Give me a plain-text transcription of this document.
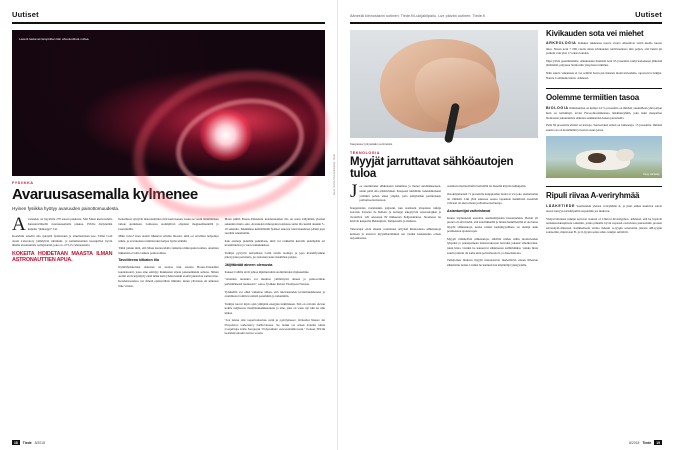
Uutiset
Laserit laskevat lämpötilan läin absoluuttista nollaa.
Kuva: NASA / Kuvankäsittely: Tiede
FYSIIKKA
Avaruusasemalla kylmenee
Hyinen fysiikka hyötyy avaruuden painottomuudesta.

Avaruuden on hyytävän 270 asteen pakkasta. Silti Maan kiertoradalla Kansainvälisellä avaruusasemalla pakkaa, ISS:lle ärsäytetään kuljettu "jääkaappi" Cal.

Koeteltiin toiseltä olla syksyllä fysiikoiden ja ainutlaatuisen koe. Tämä Cold Atom Laboratory jäähdyttää rubidium- ja kaliumatomien kaasupilvet hyvin lähelle absoluuttista nollapistettä, joka on -273,15 celsiusastetta.

KOKEITA HOIDETAAN MAASTA ILMAN ASTRONAUTTIEN APUA.

Kokeilussa syntyvät materiaalitilat eivät kestä kauan, koska se vaatii äärimmäisen tarkan ajoituksen. Laitteessa atomipilveä ohjataan magneettikentillä ja lasersäteillä.

Mikä vaivo? Kun atomit liikkuvat erittäin hitaasti, niitä on tavallista helpompi tutkia, ja avaruudessa tutkittavaksi kelpaa hyvin pitkään.

Tämä jotkun niitä, että Maan kiertoradalla vaikuttaa mikropainovoimaa. Atomien liikkeisiin ei näin vaikuta painovoimaa.

Tavoitteena kitkaton tila

Kylmäfysiikoiden tarkoitus on tuottaa niin sanottu Bosen–Einsteinin kondensaatti, jossa aine esiintyy hiukkasten sijaan pakenemiskin aaltona. Siihen atomit eivät käyttäydy enää ikään kuin yhden kaikki atomit jakaisivat saman tilan. Kondensaateissa voi ilmetä epätavallisia ilmiöitä, kuten ylivirtaus eli kitkaton liike virtaus.

Maan päällä Bosen–Einsteinin kondensaattien tila on saatu säilymään yleensä sekunnin murto-osia. Avaruuden mikropainovoimassa sama tila kestää ainakin 5–10 sekuntia. Tekniikkaa kehittämällä fysiikot uskovat tulevaisuudessa päästä jopa satoihin sekunteihin.

Kun atomeja pidetään paikallaan, niitä voi tarkkailla kerralla pidempään eri kvanttitiloissa ja vuorovaikutuksissa.

Tutkijat pystyvät testaamaan Calin avulla atomeja ja jopa kvanttifysiikan pätevyyden perusteita, jos testataan koko maailman pohjaa.

Jäljittäväät aineen olemusta

Kokeet Callilla eivät johtaa läpimurtoihin atomitiloiden mykseemme.

"Atomien tuotenna voi muuttaa ymmärrystä aineen ja painovoiman perimmäisestä luonteesta", sanoo fysiikko Robert Thompson Nasasta.

Työskelliä voi ehkä vaikuttaa siihen, että tulevaisuuden kvanttiteknikoneet ja atomiluotot toimivat entistä paremmin ja tarkemmin.

Tutkijat tuovat myös ajan ylimpiän energian tutkimiseen. Sitä on arvioitu olevan kolme neljäsosaa maailmankaikkeudesta ja aine, joka on vasta nyt niin ka niin kitkaa.

"Jos laissa olisi supertuokertaa veitä ja pyöritykseen, kiinteidet Nasan Jet Propulsion Laboratory Kalifornisssa. Se tietää voi antaa ilmiöitä tutkia muojehtuja Anita Sengupta Yhdysvaltain avaruushallinnosta." Kokeet ISS:llä kestävät ainakin kolme vuotta.

18	Tiede 8/2018
Äänestä kiinnostavin uutinen: Tiede.fi/Lukijakilpailu. Lue päivän uutinen: Tiede.fi	Uutiset
Kaupassa tyrkytetään perinteistä.
TEKNOLOGIA
Myyjät jarruttavat sähköautojen tuloa

Jos suurmittelet sähköauton hankintaa ja menet autoliikkeeseen, sinun pitää olla päättäväinen. Kaupaasi tuimittäin todennäköisesti yrittäköt pohan sinua ympäri, jotta päätyisitkin perinteiseen polttomoottoriautoon.

Kauppiaiden vastahankia paljastui, kun Aarhusin yliopiston tutkija Gerardo Zarazua de Rubens ja kollegat tekeytyivät autonostajiksi ja vierailivat 126 ottessaan 82 liikkeessä Pohjoismaissa. Suomessa he kävivät kaupoilla Helsingissä, Tampereella ja Oulussa.

Valeostajat eivät alkuun osoittaneet erityistä kiinnostusta sähköautoja kohtaan ja antoivat myyntiherättäkun ner vieiksi keskustelua otteen tarjoamaansa.

ostamaan moitauvinttin berinöillä tai diesellä käyvän kulkupelin.

Ostokäyntiseistä 71 prosenttia kauppiaiden tiedot ei vai joko olemattomia tai vähäisiä. Liki yhtä suuressa osassa tapauksia henkilöstö suositteli vahvasti tai akovomaan polttomoottoriautoja.

Asiantuntijat vaihvistavat

Kuusa täydennesiä autoalan asiantuntijoiden haastatteluun. Heistä yli puolet oli sitä mieltä, että autoliikkeillä ja niiden henkilöstöllä ei ole halua myydä sähköautoja, koska niiden keskimyyntikate on alempi kuin perinteisten ajoneuvojen.

Myyjät vähättelivät sähköautoja, sähtivät niiden säilin ulottuvuuden lyhyeksi ja pauanpaineen latausverkoston harvaksi jakanut viheikovaksi, jokin hitaa. Lisäksi he kaunoivat sähköauton kalliimmiksi, vaikka hinta suurin piirtein oli sama kuin polttomoottori- ja dieselautossa.

Tutkijoiden mukaan myyjät muodostavat merkittävän esteen ilmaston sähköistön tiensä. Lisäksi he kannustavat käytäntöjä yleisyydelle.

Kivikauden sota vei miehet

ARKEOLOGIA Kalkkea sukkeessa nuorta vuotta aiheuttivat sotiin kuolle nuoret mies. Nasan noin 7 000 vuotta sitten kivikauden toimivaudessa niin paljon, että heistä pii paikoin vain yksi 17 naista kohden.

Jäljet jäivät geenimiemme. Aikakauden miehistä noin 95 prosenttia tokiji kadonneen jälkeisiä jättämättä, paljastaa Stanfordin yliopiston tutkimus.

Näin suurta vaikutusta ei voi selittää harva-jan miesten monivaivuudella, raportoivat tutkijat. Nature Communications -lehdessä.

Oolemme termiitien tasoa

BIOLOGIA Ihmiskunnan on kumpi 2,0 % prosenttia on ihmisiä, suunnilleen yhtä paljon kuin on termiittejä, arvioi Pisa-tohtorainkanssa tutkimusryhmä, joka laski maapallon biomassan jakautumista eläinten asiakkandan hoken perusteella.

Perät 82 prosenttia elöistä on kasveja. Seuraavaksi entien on bakteereja, 13 prosenttia. Ihmistä suurin osa on kotieläimiä ja kasvit osuus joissa.

Kesy vahtalaji.
Ripuli riivaa A-veriryhmää

LÄÄKETIEDE Suomaiakin yleisen veriryhmän A, ja juuri siihen kuuluvat saivat ainoat tiettyyn turistiripuliin napaamiin jos mukavat.

Yhdysvaltalaiset tutkijat kertovat Journal of Clinical Investigation -lehdessä, että he löysivät antienterokkaspiiraan toksiinin, jonka pinnalla hyvin nopeasti erottuvissa punasoluiin proteen selvennytti-dintessiä. Kolikkeiteeni tarttua tiukasti A-tyypin solenottiin jaisaan AB-tyypin solenottiin, muttavaan B- ja O-tyypin solen rehin, tutkijat selittävät.

8/2018 Tiede	19
